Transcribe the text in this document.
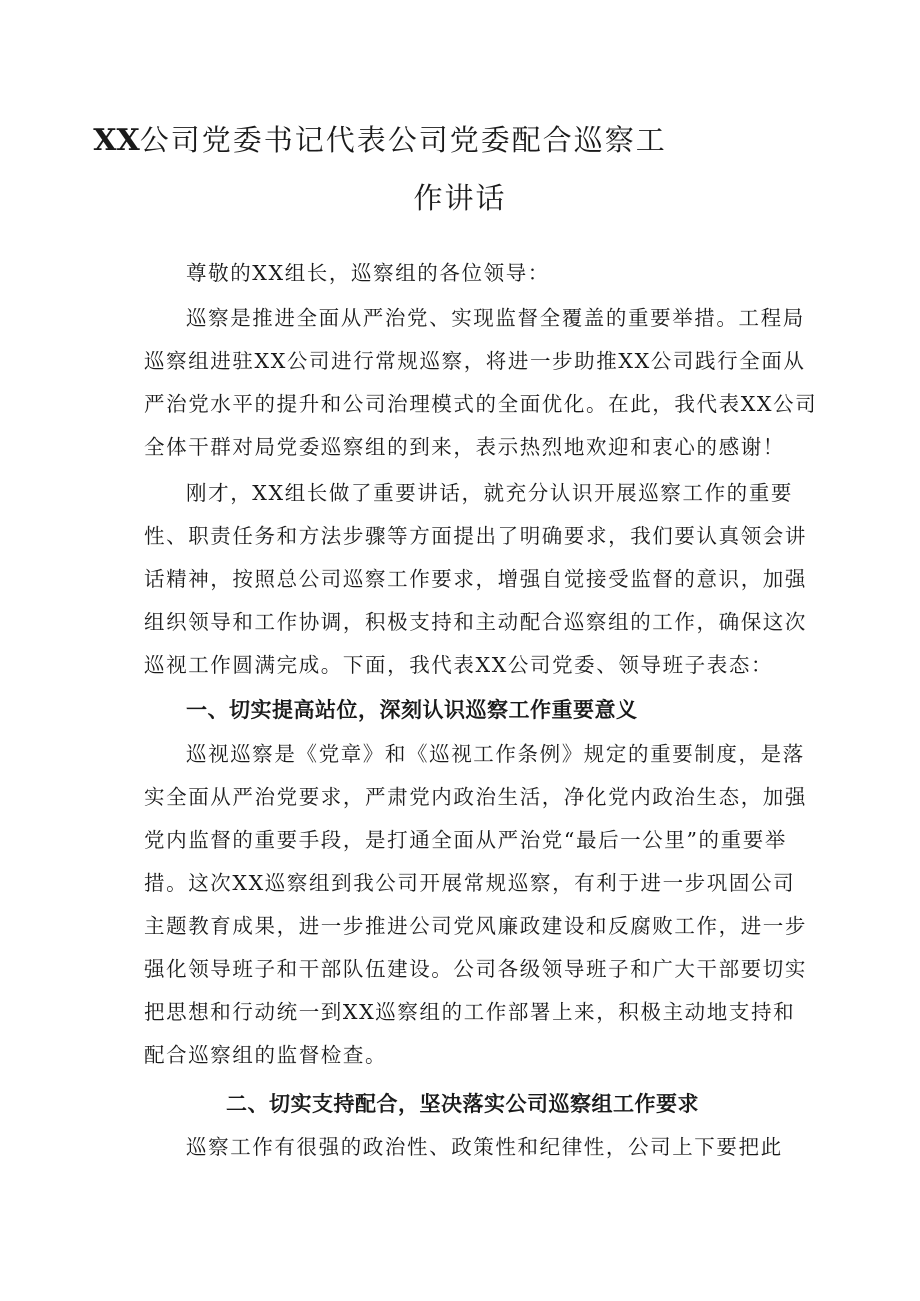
XX公司党委书记代表公司党委配合巡察工
作讲话

尊敬的XX组长，巡察组的各位领导：

巡察是推进全面从严治党、实现监督全覆盖的重要举措。工程局

巡察组进驻XX公司进行常规巡察，将进一步助推XX公司践行全面从

严治党水平的提升和公司治理模式的全面优化。在此，我代表XX公司

全体干群对局党委巡察组的到来，表示热烈地欢迎和衷心的感谢！

刚才，XX组长做了重要讲话，就充分认识开展巡察工作的重要

性、职责任务和方法步骤等方面提出了明确要求，我们要认真领会讲

话精神，按照总公司巡察工作要求，增强自觉接受监督的意识，加强

组织领导和工作协调，积极支持和主动配合巡察组的工作，确保这次

巡视工作圆满完成。下面，我代表XX公司党委、领导班子表态：

一、切实提高站位，深刻认识巡察工作重要意义

巡视巡察是《党章》和《巡视工作条例》规定的重要制度，是落

实全面从严治党要求，严肃党内政治生活，净化党内政治生态，加强

党内监督的重要手段，是打通全面从严治党“最后一公里”的重要举

措。这次XX巡察组到我公司开展常规巡察，有利于进一步巩固公司

主题教育成果，进一步推进公司党风廉政建设和反腐败工作，进一步

强化领导班子和干部队伍建设。公司各级领导班子和广大干部要切实

把思想和行动统一到XX巡察组的工作部署上来，积极主动地支持和

配合巡察组的监督检查。

二、切实支持配合，坚决落实公司巡察组工作要求

巡察工作有很强的政治性、政策性和纪律性，公司上下要把此
